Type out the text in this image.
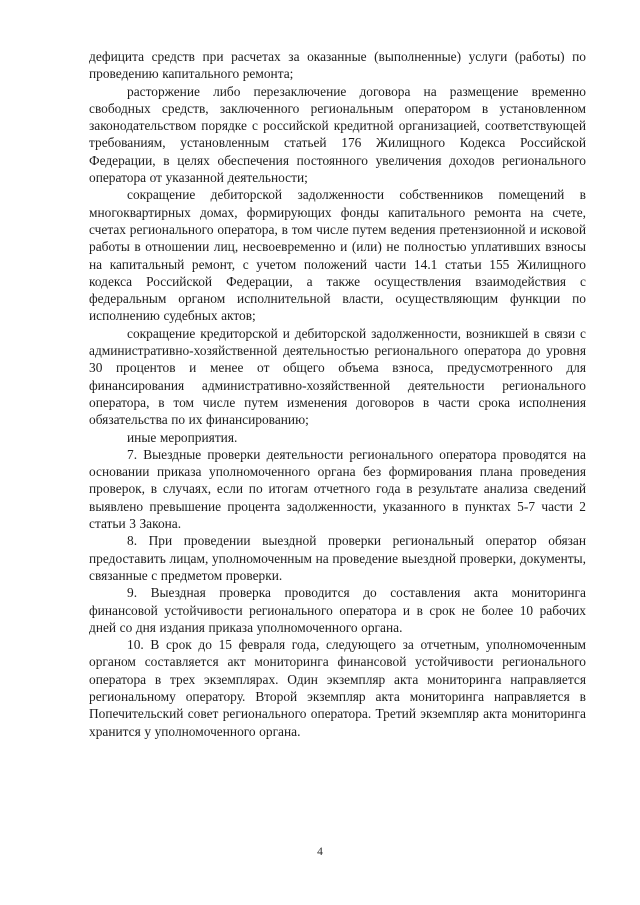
дефицита средств при расчетах за оказанные (выполненные) услуги (работы) по проведению капитального ремонта;

расторжение либо перезаключение договора на размещение временно свободных средств, заключенного региональным оператором в установленном законодательством порядке с российской кредитной организацией, соответствующей требованиям, установленным статьей 176 Жилищного Кодекса Российской Федерации, в целях обеспечения постоянного увеличения доходов регионального оператора от указанной деятельности;

сокращение дебиторской задолженности собственников помещений в многоквартирных домах, формирующих фонды капитального ремонта на счете, счетах регионального оператора, в том числе путем ведения претензионной и исковой работы в отношении лиц, несвоевременно и (или) не полностью уплативших взносы на капитальный ремонт, с учетом положений части 14.1 статьи 155 Жилищного кодекса Российской Федерации, а также осуществления взаимодействия с федеральным органом исполнительной власти, осуществляющим функции по исполнению судебных актов;

сокращение кредиторской и дебиторской задолженности, возникшей в связи с административно-хозяйственной деятельностью регионального оператора до уровня 30 процентов и менее от общего объема взноса, предусмотренного для финансирования административно-хозяйственной деятельности регионального оператора, в том числе путем изменения договоров в части срока исполнения обязательства по их финансированию;

иные мероприятия.

7. Выездные проверки деятельности регионального оператора проводятся на основании приказа уполномоченного органа без формирования плана проведения проверок, в случаях, если по итогам отчетного года в результате анализа сведений выявлено превышение процента задолженности, указанного в пунктах 5-7 части 2 статьи 3 Закона.

8. При проведении выездной проверки региональный оператор обязан предоставить лицам, уполномоченным на проведение выездной проверки, документы, связанные с предметом проверки.

9. Выездная проверка проводится до составления акта мониторинга финансовой устойчивости регионального оператора и в срок не более 10 рабочих дней со дня издания приказа уполномоченного органа.

10. В срок до 15 февраля года, следующего за отчетным, уполномоченным органом составляется акт мониторинга финансовой устойчивости регионального оператора в трех экземплярах. Один экземпляр акта мониторинга направляется региональному оператору. Второй экземпляр акта мониторинга направляется в Попечительский совет регионального оператора. Третий экземпляр акта мониторинга хранится у уполномоченного органа.

4
